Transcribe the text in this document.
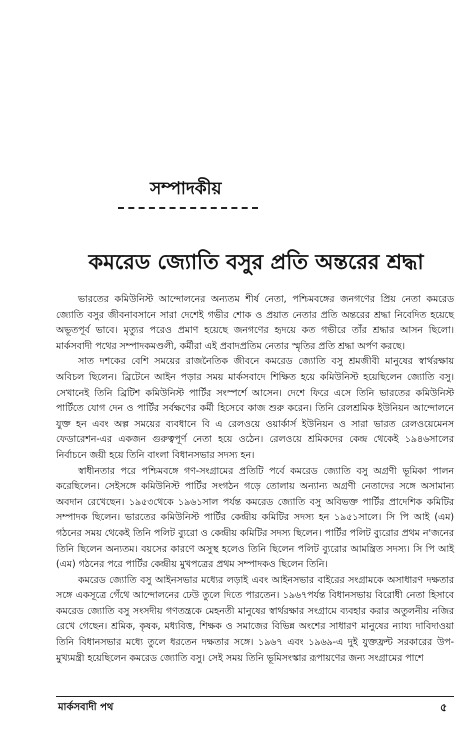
সম্পাদকীয়
কমরেড জ্যোতি বসুর প্রতি অন্তরের শ্রদ্ধা

ভারতের কমিউনিস্ট আন্দোলনের অন্যতম শীর্ষ নেতা, পশ্চিমবঙ্গের জনগণের প্রিয় নেতা কমরেড জ্যোতি বসুর জীবনাবসানে সারা দেশেই গভীর শোক ও প্রয়াত নেতার প্রতি অন্তরের শ্রদ্ধা নিবেদিত হয়েছে অভূতপূর্ব ভাবে। মৃত্যুর পরেও প্রমাণ হয়েছে জনগণের হৃদয়ে কত গভীরে তাঁর শ্রদ্ধার আসন ছিলো। মার্কসবাদী পথের সম্পাদকমণ্ডলী, কর্মীরা এই প্রবাদপ্রতিম নেতার স্মৃতির প্রতি শ্রদ্ধা অর্পণ করছে।

সাত দশকের বেশি সময়ের রাজনৈতিক জীবনে কমরেড জ্যোতি বসু শ্রমজীবী মানুষের স্বার্থরক্ষায় অবিচল ছিলেন। ব্রিটেনে আইন পড়ার সময় মার্কসবাদে শিক্ষিত হয়ে কমিউনিস্ট হয়েছিলেন জ্যোতি বসু। সেখানেই তিনি ব্রিটিশ কমিউনিস্ট পার্টির সংস্পর্শে আসেন। দেশে ফিরে এসে তিনি ভারতের কমিউনিস্ট পার্টিতে যোগ দেন ও পার্টির সর্বক্ষণের কর্মী হিসেবে কাজ শুরু করেন। তিনি রেলশ্রমিক ইউনিয়ন আন্দোলনে যুক্ত হন এবং অল্প সময়ের ব্যবধানে বি এ রেলওয়ে ওয়ার্কার্স ইউনিয়ন ও সারা ভারত রেলওয়েমেনস ফেডারেশন-এর একজন গুরুত্বপূর্ণ নেতা হয়ে ওঠেন। রেলওয়ে শ্রমিকদের কেন্দ্র থেকেই ১৯৪৬সালের নির্বাচনে জয়ী হয়ে তিনি বাংলা বিধানসভার সদস্য হন।

স্বাধীনতার পরে পশ্চিমবঙ্গে গণ-সংগ্রামের প্রতিটি পর্বে কমরেড জ্যোতি বসু অগ্রণী ভূমিকা পালন করেছিলেন। সেইসঙ্গে কমিউনিস্ট পার্টির সংগঠন গড়ে তোলায় অন্যান্য অগ্রণী নেতাদের সঙ্গে অসামান্য অবদান রেখেছেন। ১৯৫৩থেকে ১৯৬১সাল পর্যন্ত কমরেড জ্যোতি বসু অবিভক্ত পার্টির প্রাদেশিক কমিটির সম্পাদক ছিলেন। ভারতের কমিউনিস্ট পার্টির কেন্দ্রীয় কমিটির সদস্য হন ১৯৫১সালে। সি পি আই (এম) গঠনের সময় থেকেই তিনি পলিট ব্যুরো ও কেন্দ্রীয় কমিটির সদস্য ছিলেন। পার্টির পলিট ব্যুরোর প্রথম ন'জনের তিনি ছিলেন অন্যতম। বয়সের কারণে অসুস্থ হলেও তিনি ছিলেন পলিট ব্যুরোর আমন্ত্রিত সদস্য। সি পি আই (এম) গঠনের পরে পার্টির কেন্দ্রীয় মুখপত্রের প্রথম সম্পাদকও ছিলেন তিনি।

কমরেড জ্যোতি বসু আইনসভার মধ্যের লড়াই এবং আইনসভার বাইরের সংগ্রামকে অসাধারণ দক্ষতার সঙ্গে একসূত্রে গেঁথে আন্দোলনের ঢেউ তুলে দিতে পারতেন। ১৯৬৭পর্যন্ত বিধানসভায় বিরোধী নেতা হিসাবে কমরেড জ্যোতি বসু সংসদীয় গণতন্ত্রকে মেহনতী মানুষের স্বার্থরক্ষার সংগ্রামে ব্যবহার করার অতুলনীয় নজির রেখে গেছেন। শ্রমিক, কৃষক, মধ্যবিত্ত, শিক্ষক ও সমাজের বিভিন্ন অংশের সাধারণ মানুষের ন্যায্য দাবিদাওয়া তিনি বিধানসভার মধ্যে তুলে ধরতেন দক্ষতার সঙ্গে। ১৯৬৭ এবং ১৯৬৯-এ দুই যুক্তফ্রন্ট সরকারের উপ-মুখ্যমন্ত্রী হয়েছিলেন কমরেড জ্যোতি বসু। সেই সময় তিনি ভূমিসংস্কার রূপায়ণের জন্য সংগ্রামের পাশে

মার্কসবাদী পথ	৫
